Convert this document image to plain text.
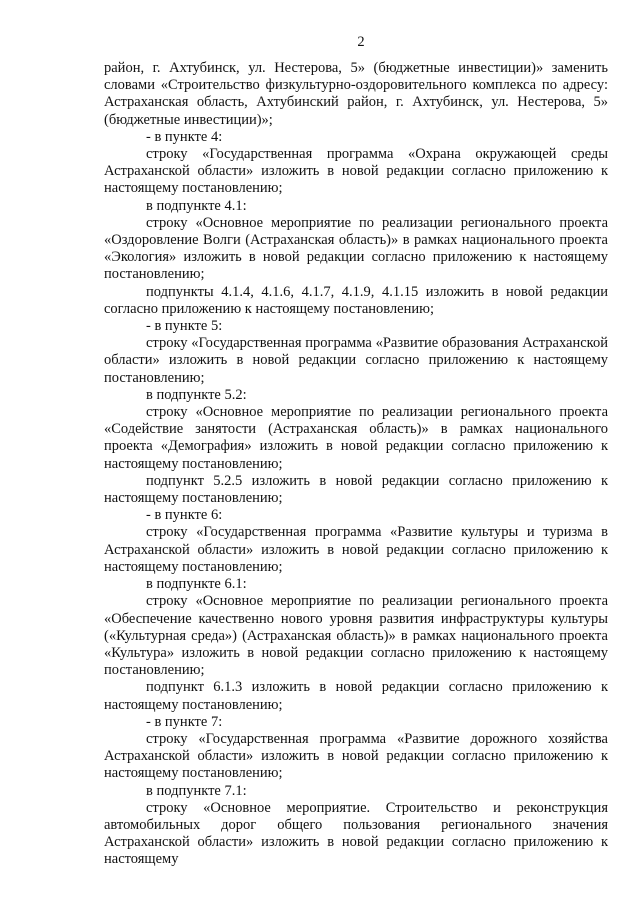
2

район, г. Ахтубинск, ул. Нестерова, 5» (бюджетные инвестиции)» заменить словами «Строительство физкультурно-оздоровительного комплекса по адресу: Астраханская область, Ахтубинский район, г. Ахтубинск, ул. Нестерова, 5» (бюджетные инвестиции)»;

- в пункте 4:

строку «Государственная программа «Охрана окружающей среды Астраханской области» изложить в новой редакции согласно приложению к настоящему постановлению;

в подпункте 4.1:

строку «Основное мероприятие по реализации регионального проекта «Оздоровление Волги (Астраханская область)» в рамках национального проекта «Экология» изложить в новой редакции согласно приложению к настоящему постановлению;

подпункты 4.1.4, 4.1.6, 4.1.7, 4.1.9, 4.1.15 изложить в новой редакции согласно приложению к настоящему постановлению;

- в пункте 5:

строку «Государственная программа «Развитие образования Астраханской области» изложить в новой редакции согласно приложению к настоящему постановлению;

в подпункте 5.2:

строку «Основное мероприятие по реализации регионального проекта «Содействие занятости (Астраханская область)» в рамках национального проекта «Демография» изложить в новой редакции согласно приложению к настоящему постановлению;

подпункт 5.2.5 изложить в новой редакции согласно приложению к настоящему постановлению;

- в пункте 6:

строку «Государственная программа «Развитие культуры и туризма в Астраханской области» изложить в новой редакции согласно приложению к настоящему постановлению;

в подпункте 6.1:

строку «Основное мероприятие по реализации регионального проекта «Обеспечение качественно нового уровня развития инфраструктуры культуры («Культурная среда») (Астраханская область)» в рамках национального проекта «Культура» изложить в новой редакции согласно приложению к настоящему постановлению;

подпункт 6.1.3 изложить в новой редакции согласно приложению к настоящему постановлению;

- в пункте 7:

строку «Государственная программа «Развитие дорожного хозяйства Астраханской области» изложить в новой редакции согласно приложению к настоящему постановлению;

в подпункте 7.1:

строку «Основное мероприятие. Строительство и реконструкция автомобильных дорог общего пользования регионального значения Астраханской области» изложить в новой редакции согласно приложению к настоящему
